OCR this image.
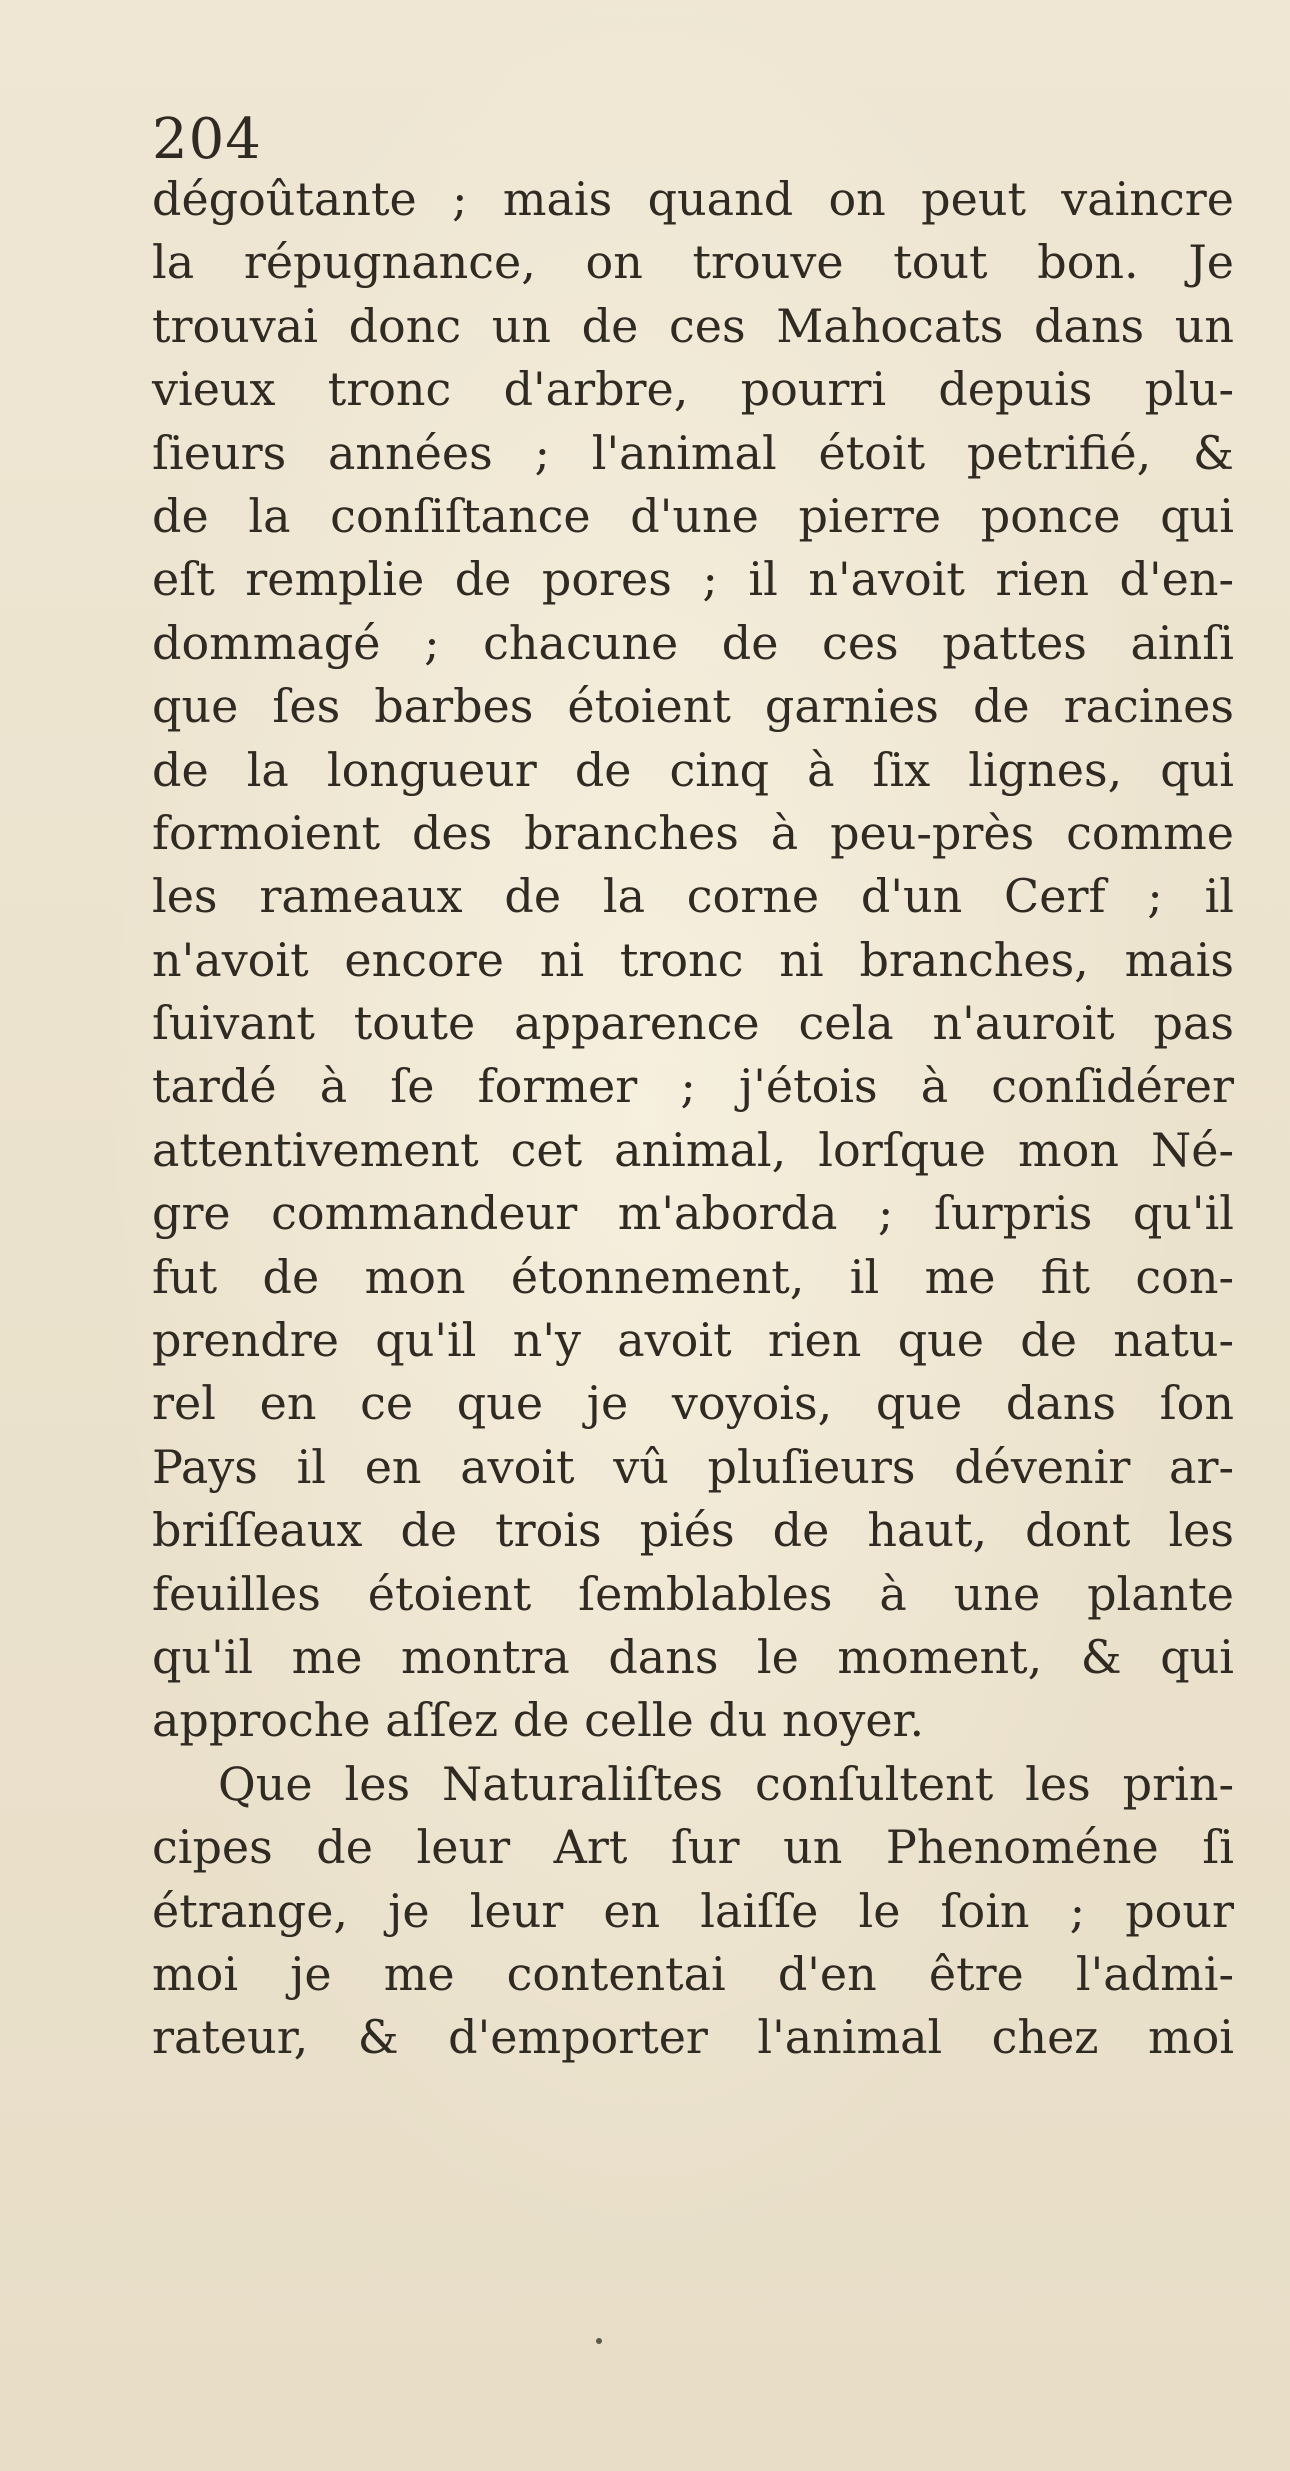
204
dégoûtante ; mais quand on peut vaincre
la répugnance, on trouve tout bon. Je
trouvai donc un de ces Mahocats dans un
vieux tronc d'arbre, pourri depuis plu-
ſieurs années ; l'animal étoit petrifié, &
de la conſiſtance d'une pierre ponce qui
eſt remplie de pores ; il n'avoit rien d'en-
dommagé ; chacune de ces pattes ainſi
que ſes barbes étoient garnies de racines
de la longueur de cinq à ſix lignes, qui
formoient des branches à peu-près comme
les rameaux de la corne d'un Cerf ; il
n'avoit encore ni tronc ni branches, mais
ſuivant toute apparence cela n'auroit pas
tardé à ſe former ; j'étois à conſidérer
attentivement cet animal, lorſque mon Né-
gre commandeur m'aborda ; ſurpris qu'il
fut de mon étonnement, il me fit con-
prendre qu'il n'y avoit rien que de natu-
rel en ce que je voyois, que dans ſon
Pays il en avoit vû pluſieurs dévenir ar-
briſſeaux de trois piés de haut, dont les
feuilles étoient ſemblables à une plante
qu'il me montra dans le moment, & qui
approche aſſez de celle du noyer.
Que les Naturaliſtes conſultent les prin-
cipes de leur Art ſur un Phenoméne ſi
étrange, je leur en laiſſe le ſoin ; pour
moi je me contentai d'en être l'admi-
rateur, & d'emporter l'animal chez moi
